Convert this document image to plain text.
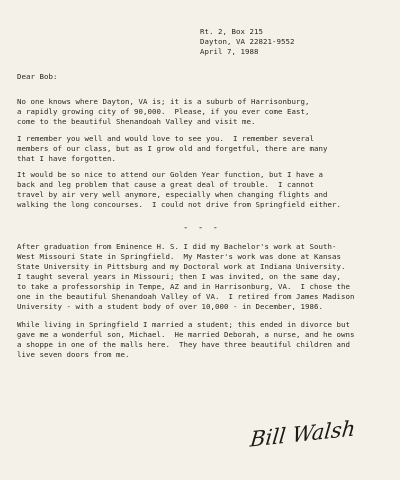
Rt. 2, Box 215
Dayton, VA 22821-9552
April 7, 1988
Dear Bob:
No one knows where Dayton, VA is; it is a suburb of Harrisonburg,
a rapidly growing city of 90,000.  Please, if you ever come East,
come to the beautiful Shenandoah Valley and visit me.
I remember you well and would love to see you.  I remember several
members of our class, but as I grow old and forgetful, there are many
that I have forgotten.
It would be so nice to attend our Golden Year function, but I have a
back and leg problem that cause a great deal of trouble.  I cannot
travel by air very well anymore, especially when changing flights and
walking the long concourses.  I could not drive from Springfield either.
- - -
After graduation from Eminence H. S. I did my Bachelor's work at South-
West Missouri State in Springfield.  My Master's work was done at Kansas
State University in Pittsburg and my Doctoral work at Indiana University.
I taught several years in Missouri; then I was invited, on the same day,
to take a professorship in Tempe, AZ and in Harrisonburg, VA.  I chose the
one in the beautiful Shenandoah Valley of VA.  I retired from James Madison
University - with a student body of over 10,000 - in December, 1986.
While living in Springfield I married a student; this ended in divorce but
gave me a wonderful son, Michael.  He married Deborah, a nurse, and he owns
a shoppe in one of the malls here.  They have three beautiful children and
live seven doors from me.
Bill Walsh
